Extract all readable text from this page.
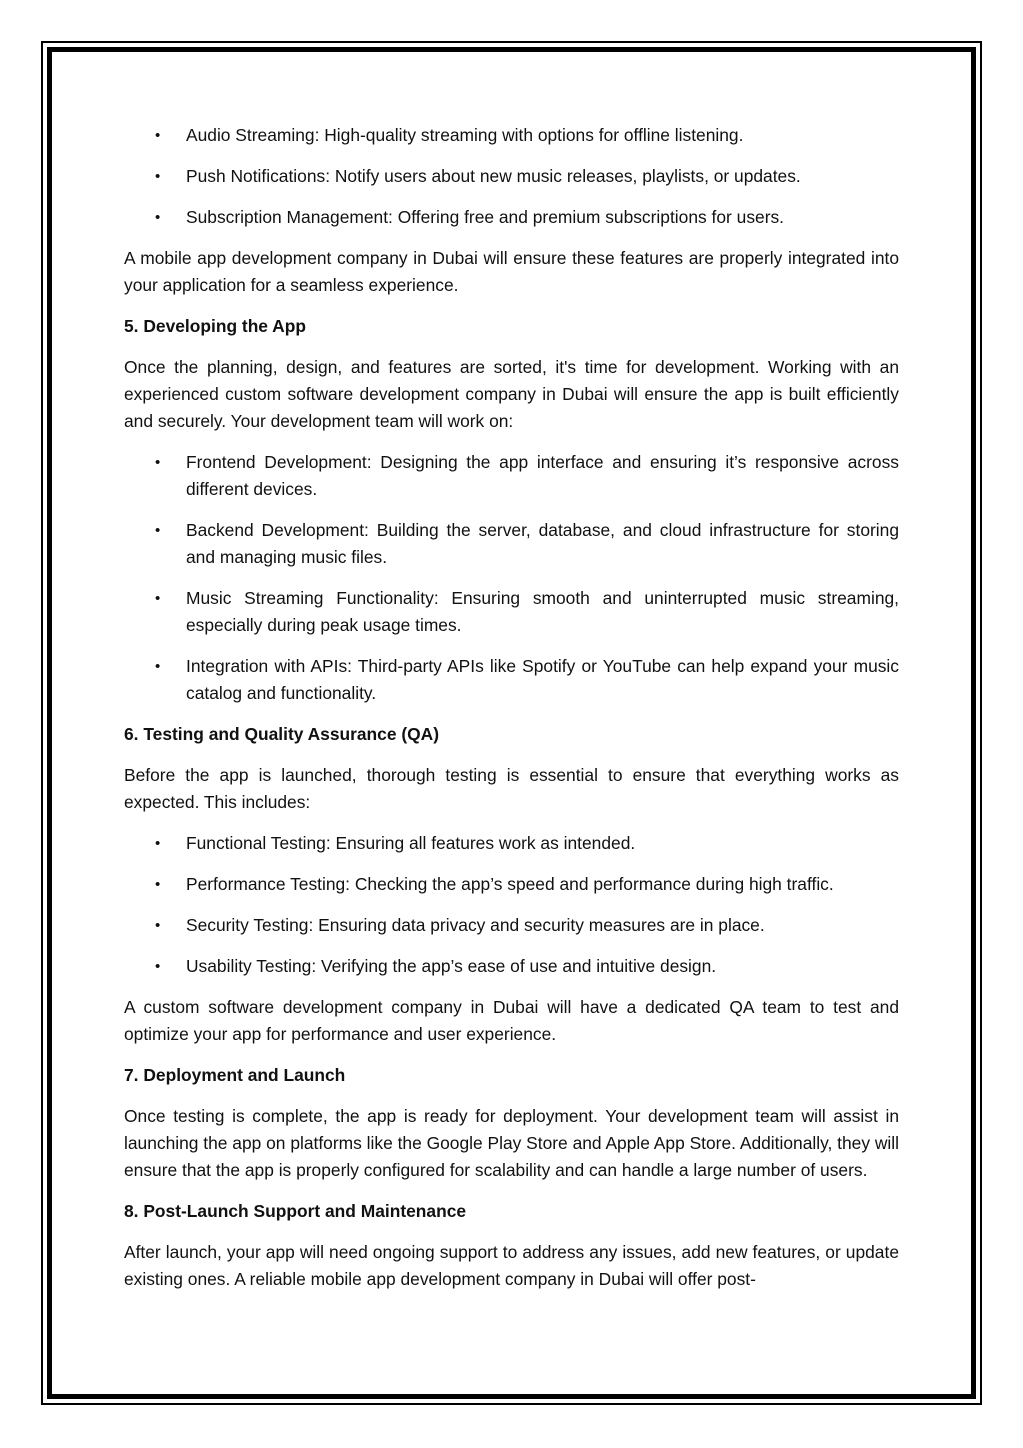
• Audio Streaming: High-quality streaming with options for offline listening.
• Push Notifications: Notify users about new music releases, playlists, or updates.
• Subscription Management: Offering free and premium subscriptions for users.

A mobile app development company in Dubai will ensure these features are properly integrated into your application for a seamless experience.

5. Developing the App

Once the planning, design, and features are sorted, it's time for development. Working with an experienced custom software development company in Dubai will ensure the app is built efficiently and securely. Your development team will work on:

• Frontend Development: Designing the app interface and ensuring it’s responsive across different devices.
• Backend Development: Building the server, database, and cloud infrastructure for storing and managing music files.
• Music Streaming Functionality: Ensuring smooth and uninterrupted music streaming, especially during peak usage times.
• Integration with APIs: Third-party APIs like Spotify or YouTube can help expand your music catalog and functionality.

6. Testing and Quality Assurance (QA)

Before the app is launched, thorough testing is essential to ensure that everything works as expected. This includes:

• Functional Testing: Ensuring all features work as intended.
• Performance Testing: Checking the app’s speed and performance during high traffic.
• Security Testing: Ensuring data privacy and security measures are in place.
• Usability Testing: Verifying the app’s ease of use and intuitive design.

A custom software development company in Dubai will have a dedicated QA team to test and optimize your app for performance and user experience.

7. Deployment and Launch

Once testing is complete, the app is ready for deployment. Your development team will assist in launching the app on platforms like the Google Play Store and Apple App Store. Additionally, they will ensure that the app is properly configured for scalability and can handle a large number of users.

8. Post-Launch Support and Maintenance

After launch, your app will need ongoing support to address any issues, add new features, or update existing ones. A reliable mobile app development company in Dubai will offer post-
